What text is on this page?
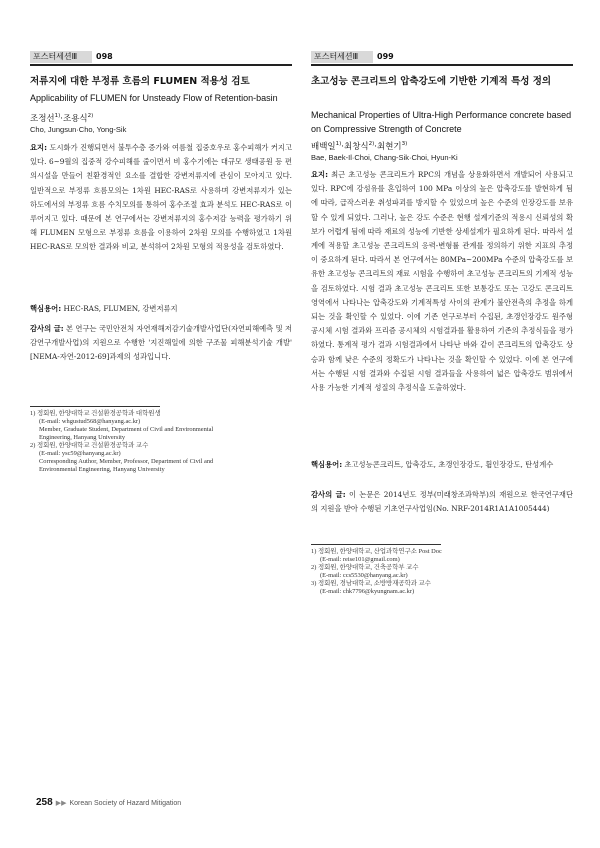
포스터세션Ⅲ	098
저류지에 대한 부정류 흐름의 FLUMEN 적용성 검토
Applicability of FLUMEN for Unsteady Flow of Retention-basin
조정선$^{1)}$·조용식$^{2)}$
Cho, Jungsun·Cho, Yong-Sik
요지: 도시화가 진행되면서 불투수층 증가와 여름철 집중호우로 홍수피해가 커지고 있다. 6~9월의 집중적 강수피해를 줄이면서 비 홍수기에는 대규모 생태공원 등 편의시설을 만들어 친환경적인 요소를 결합한 강변저류지에 관심이 모아지고 있다. 일반적으로 부정류 흐름모의는 1차원 HEC-RAS로 사용하며 강변저류지가 있는 하도에서의 부정류 흐름 수치모의를 통하여 홍수조절 효과 분석도 HEC-RAS로 이루어지고 있다. 때문에 본 연구에서는 강변저류지의 홍수저감 능력을 평가하기 위해 FLUMEN 모형으로 부정류 흐름을 이용하여 2차원 모의를 수행하였고 1차원 HEC-RAS로 모의한 결과와 비교, 분석하여 2차원 모형의 적용성을 검토하였다.
핵심용어: HEC-RAS, FLUMEN, 강변저류지
감사의 글: 본 연구는 국민안전처 자연재해저감기술개발사업단(자연피해예측 및 저감연구개발사업)의 지원으로 수행한 '지진해일에 의한 구조물 피해분석기술 개발' [NEMA-자연-2012-69]과제의 성과입니다.
1) 정회원, 한양대학교 건설환경공학과 대학원생
(E-mail: whgustud568@hanyang.ac.kr)
Member, Graduate Student, Department of Civil and Environmental
Engineering, Hanyang University
2) 정회원, 한양대학교 건설환경공학과 교수
(E-mail: ysc59@hanyang.ac.kr)
Corresponding Author, Member, Professor, Department of Civil and
Environmental Engineering, Hanyang University
포스터세션Ⅲ	099
초고성능 콘크리트의 압축강도에 기반한 기계적 특성 정의
Mechanical Properties of Ultra-High Performance concrete based on Compressive Strength of Concrete
배백일$^{1)}$·최창식$^{2)}$·최현기$^{3)}$
Bae, Baek-Il·Choi, Chang-Sik·Choi, Hyun-Ki
요지: 최근 초고성능 콘크리트가 RPC의 개념을 상용화하면서 개발되어 사용되고 있다. RPC에 강섬유를 혼입하여 100 MPa 이상의 높은 압축강도를 발현하게 됨에 따라, 급작스러운 취성파괴를 방지할 수 있었으며 높은 수준의 인장강도를 보유할 수 있게 되었다. 그러나, 높은 강도 수준은 현행 설계기준의 적용시 신뢰성의 확보가 어렵게 됨에 따라 재료의 성능에 기반한 상세설계가 필요하게 된다. 따라서 설계에 적용할 초고성능 콘크리트의 응력-변형률 관계를 정의하기 위한 지표의 추정이 중요하게 된다. 따라서 본 연구에서는 80MPa~200MPa 수준의 압축강도를 보유한 초고성능 콘크리트의 재료 시험을 수행하여 초고성능 콘크리트의 기계적 성능을 검토하였다. 시험 결과 초고성능 콘크리트 또한 보통강도 또는 고강도 콘크리트 영역에서 나타나는 압축강도와 기계적특성 사이의 관계가 불안전측의 추정을 하게 되는 것을 확인할 수 있었다. 이에 기존 연구로부터 수집된, 초갱인장강도 원주형 공시체 시험 결과와 프리즘 공시체의 시험결과를 활용하여 기존의 추정식들을 평가하였다. 통계적 평가 결과 시험결과에서 나타난 바와 같이 콘크리트의 압축강도 상승과 함께 낮은 수준의 정확도가 나타나는 것을 확인할 수 있었다. 이에 본 연구에서는 수행된 시험 결과와 수집된 시험 결과들을 사용하여 넓은 압축강도 범위에서 사용 가능한 기계적 성질의 추정식을 도출하였다.
핵심용어: 초고성능콘크리트, 압축강도, 초갱인장강도, 휨인장강도, 탄성계수
감사의 글: 이 논문은 2014년도 정부(미래창조과학부)의 재원으로 한국연구재단의 지원을 받아 수행된 기초연구사업임(No. NRF-2014R1A1A1005444)
1) 정회원, 한양대학교, 산업과학연구소 Post Doc
(E-mail: reise101@gmail.com)
2) 정회원, 한양대학교, 건축공학부 교수
(E-mail: ccs5530@hanyang.ac.kr)
3) 정회원, 경남대학교, 소방방재공학과 교수
(E-mail: chk7796@kyungnam.ac.kr)
258 ▶▶ Korean Society of Hazard Mitigation
